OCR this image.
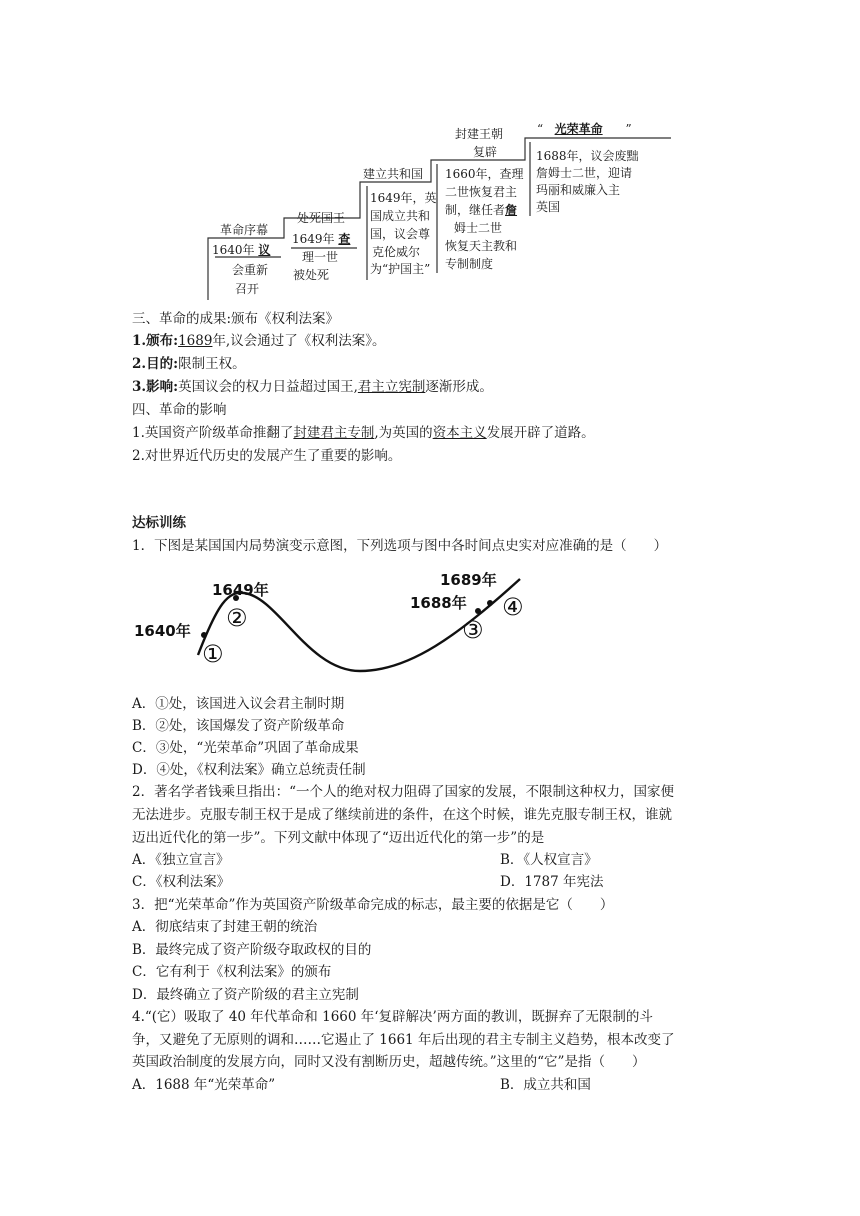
革命序幕
1640年 议
会重新
召开
处死国王
1649年 查
理一世
被处死
建立共和国
1649年，英
国成立共和
国，议会尊
克伦威尔
为“护国主”
封建王朝
复辟
1660年，查理
二世恢复君主
制，继任者詹
姆士二世
恢复天主教和
专制制度
“ 光荣革命 ”
1688年，议会废黜
詹姆士二世，迎请
玛丽和威廉入主
英国
三、革命的成果:颁布《权利法案》
1.颁布:1689年,议会通过了《权利法案》。
2.目的:限制王权。
3.影响:英国议会的权力日益超过国王,君主立宪制逐渐形成。
四、革命的影响
1.英国资产阶级革命推翻了封建君主专制,为英国的资本主义发展开辟了道路。
2.对世界近代历史的发展产生了重要的影响。
达标训练
1．下图是某国国内局势演变示意图，下列选项与图中各时间点史实对应准确的是（　　）
1640年
1649年
1688年
1689年
①
②	③
④
A．①处，该国进入议会君主制时期
B．②处，该国爆发了资产阶级革命
C．③处，“光荣革命”巩固了革命成果
D．④处，《权利法案》确立总统责任制
2．著名学者钱乘旦指出：“一个人的绝对权力阻碍了国家的发展，不限制这种权力，国家便
无法进步。克服专制王权于是成了继续前进的条件，在这个时候，谁先克服专制王权，谁就
迈出近代化的第一步”。下列文献中体现了“迈出近代化的第一步”的是
A．《独立宣言》	B．《人权宣言》
C．《权利法案》	D．1787 年宪法
3．把“光荣革命”作为英国资产阶级革命完成的标志，最主要的依据是它（　　）
A．彻底结束了封建王朝的统治
B．最终完成了资产阶级夺取政权的目的
C．它有利于《权利法案》的颁布
D．最终确立了资产阶级的君主立宪制
4.“(它）吸取了 40 年代革命和 1660 年‘复辟解决’两方面的教训，既摒弃了无限制的斗
争，又避免了无原则的调和……它遏止了 1661 年后出现的君主专制主义趋势，根本改变了
英国政治制度的发展方向，同时又没有割断历史，超越传统。”这里的“它”是指（　　）
A．1688 年“光荣革命”	B．成立共和国
